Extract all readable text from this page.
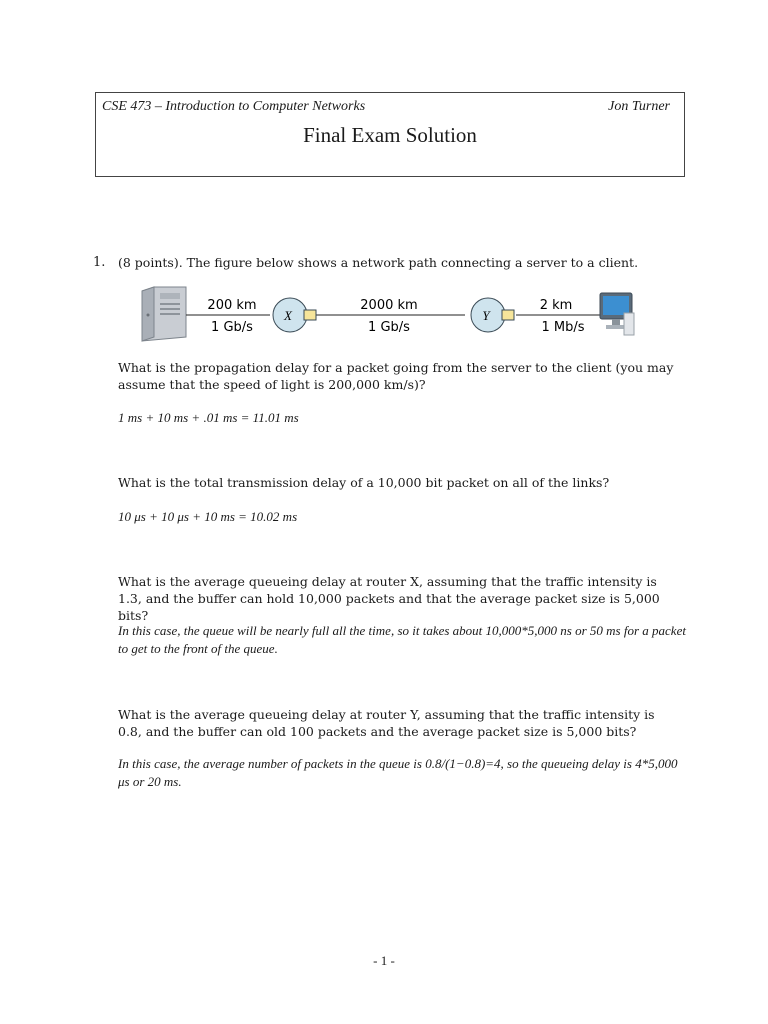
CSE 473 – Introduction to Computer Networks	Jon Turner
Final Exam Solution
1. (8 points). The figure below shows a network path connecting a server to a client.
X	Y
200 km
1 Gb/s
2000 km
1 Gb/s
2 km
1 Mb/s
What is the propagation delay for a packet going from the server to the client (you may assume that the speed of light is 200,000 km/s)?
1 ms + 10 ms + .01 ms = 11.01 ms
What is the total transmission delay of a 10,000 bit packet on all of the links?
10 μs + 10 μs + 10 ms = 10.02 ms
What is the average queueing delay at router X, assuming that the traffic intensity is 1.3, and the buffer can hold 10,000 packets and that the average packet size is 5,000 bits?
In this case, the queue will be nearly full all the time, so it takes about 10,000*5,000 ns or 50 ms for a packet to get to the front of the queue.
What is the average queueing delay at router Y, assuming that the traffic intensity is 0.8, and the buffer can old 100 packets and the average packet size is 5,000 bits?
In this case, the average number of packets in the queue is 0.8/(1−0.8)=4, so the queueing delay is 4*5,000 μs or 20 ms.
- 1 -
